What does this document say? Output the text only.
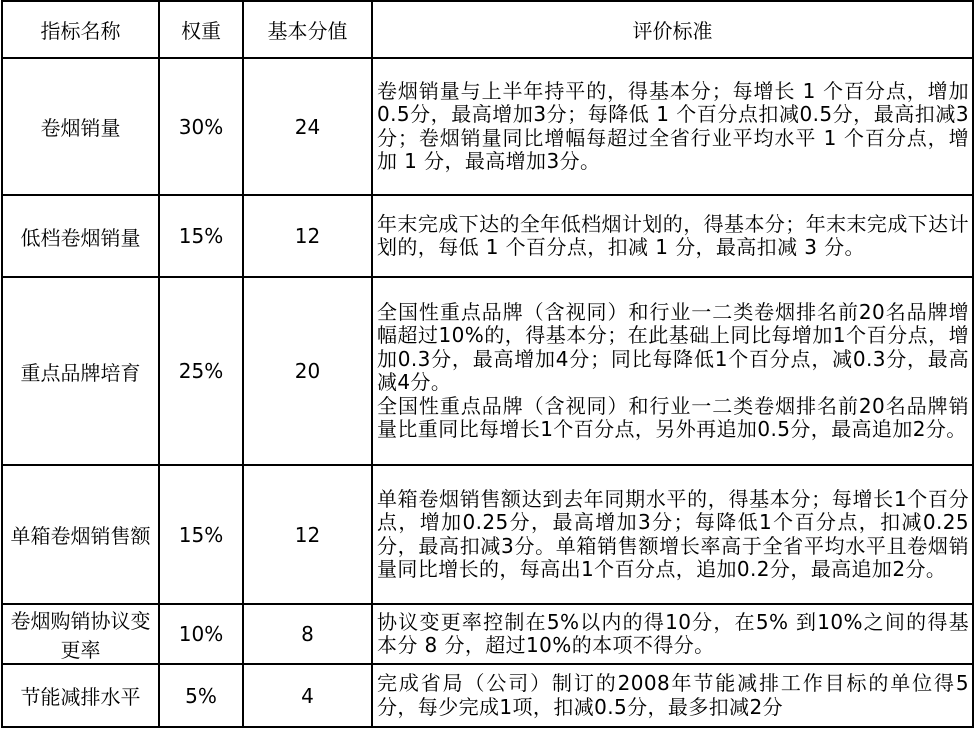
指标名称	权重	基本分值	评价标准
卷烟销量	30%	24	卷烟销量与上半年持平的，得基本分；每增长 1 个百分点，增加0.5分，最高增加3分；每降低 1 个百分点扣减0.5分，最高扣减3分；卷烟销量同比增幅每超过全省行业平均水平 1 个百分点，增加 1 分，最高增加3分。

低档卷烟销量	15%	12	年末完成下达的全年低档烟计划的，得基本分；年末末完成下达计划的，每低 1 个百分点，扣减 1 分，最高扣减 3 分。

重点品牌培育	25%	20	全国性重点品牌（含视同）和行业一二类卷烟排名前20名品牌增幅超过10%的，得基本分；在此基础上同比每增加1个百分点，增加0.3分，最高增加4分；同比每降低1个百分点，减0.3分，最高减4分。
全国性重点品牌（含视同）和行业一二类卷烟排名前20名品牌销量比重同比每增长1个百分点，另外再追加0.5分，最高追加2分。

单箱卷烟销售额	15%	12	单箱卷烟销售额达到去年同期水平的，得基本分；每增长1个百分点，增加0.25分，最高增加3分；每降低1个百分点，扣减0.25分，最高扣减3分。单箱销售额增长率高于全省平均水平且卷烟销量同比增长的，每高出1个百分点，追加0.2分，最高追加2分。

卷烟购销协议变更率	10%	8	协议变更率控制在5%以内的得10分，在5% 到10%之间的得基本分 8 分，超过10%的本项不得分。

节能减排水平	5%	4	完成省局（公司）制订的2008年节能减排工作目标的单位得5分，每少完成1项，扣减0.5分，最多扣减2分
